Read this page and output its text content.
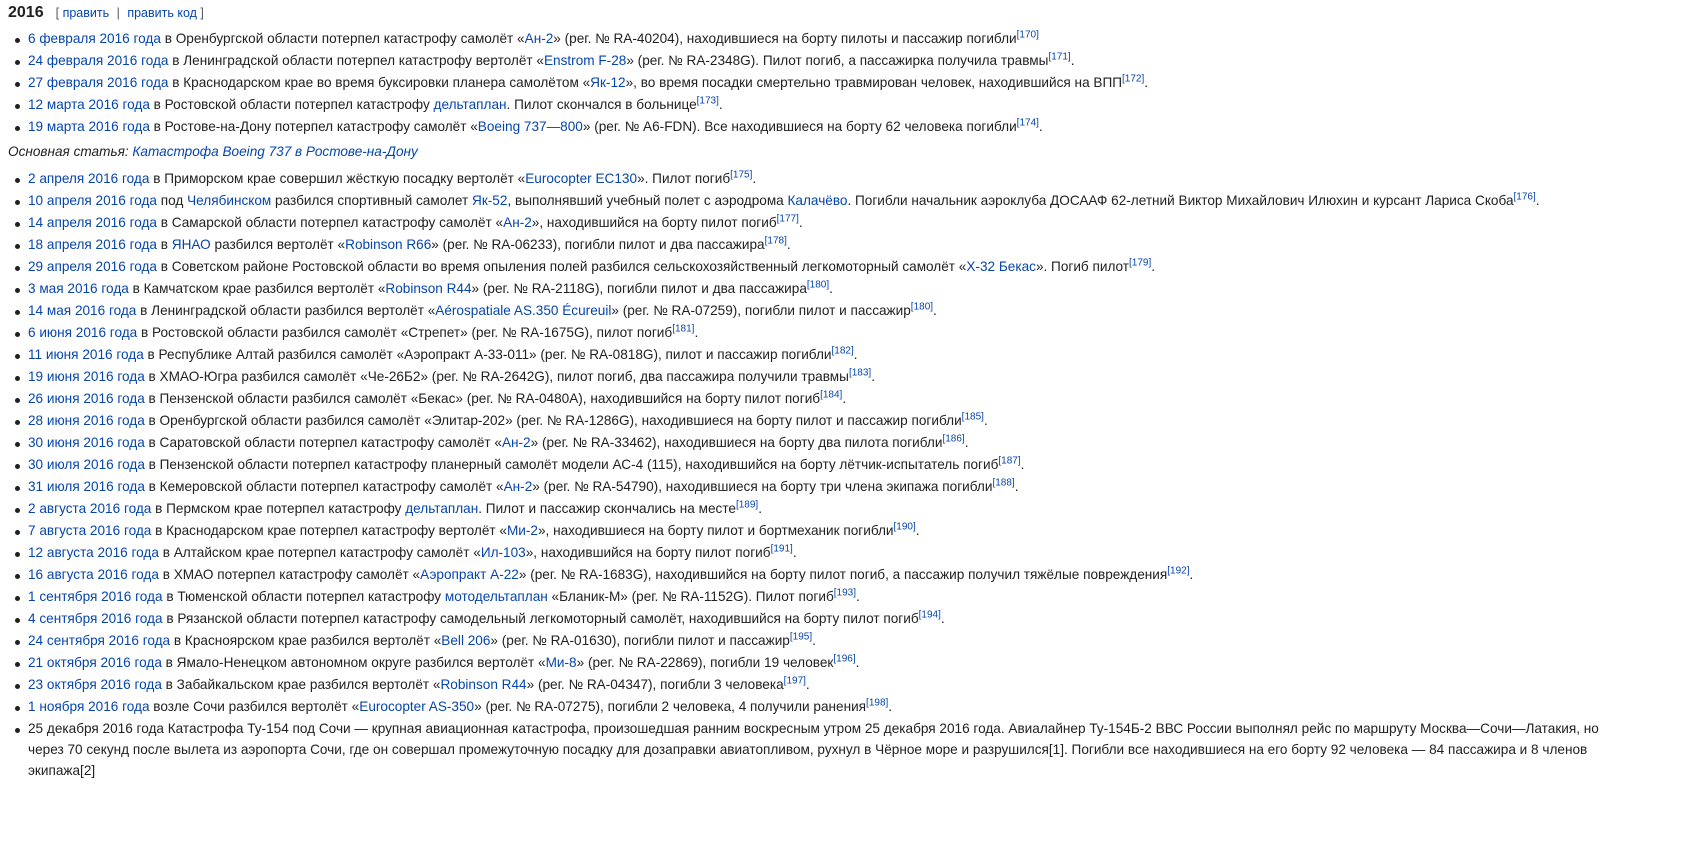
2016 [ править | править код ]
6 февраля 2016 года в Оренбургской области потерпел катастрофу самолёт «Ан-2» (рег. № RA-40204), находившиеся на борту пилоты и пассажир погибли[170]
24 февраля 2016 года в Ленинградской области потерпел катастрофу вертолёт «Enstrom F-28» (рег. № RA-2348G). Пилот погиб, а пассажирка получила травмы[171].
27 февраля 2016 года в Краснодарском крае во время буксировки планера самолётом «Як-12», во время посадки смертельно травмирован человек, находившийся на ВПП[172].
12 марта 2016 года в Ростовской области потерпел катастрофу дельтаплан. Пилот скончался в больнице[173].
19 марта 2016 года в Ростове-на-Дону потерпел катастрофу самолёт «Boeing 737—800» (рег. № A6-FDN). Все находившиеся на борту 62 человека погибли[174].
Основная статья: Катастрофа Boeing 737 в Ростове-на-Дону
2 апреля 2016 года в Приморском крае совершил жёсткую посадку вертолёт «Eurocopter EC130». Пилот погиб[175].
10 апреля 2016 года под Челябинском разбился спортивный самолет Як-52, выполнявший учебный полет с аэродрома Калачёво. Погибли начальник аэроклуба ДОСААФ 62-летний Виктор Михайлович Илюхин и курсант Лариса Скоба[176].
14 апреля 2016 года в Самарской области потерпел катастрофу самолёт «Ан-2», находившийся на борту пилот погиб[177].
18 апреля 2016 года в ЯНАО разбился вертолёт «Robinson R66» (рег. № RA-06233), погибли пилот и два пассажира[178].
29 апреля 2016 года в Советском районе Ростовской области во время опыления полей разбился сельскохозяйственный легкомоторный самолёт «Х-32 Бекас». Погиб пилот[179].
3 мая 2016 года в Камчатском крае разбился вертолёт «Robinson R44» (рег. № RA-2118G), погибли пилот и два пассажира[180].
14 мая 2016 года в Ленинградской области разбился вертолёт «Aérospatiale AS.350 Écureuil» (рег. № RA-07259), погибли пилот и пассажир[180].
6 июня 2016 года в Ростовской области разбился самолёт «Стрепет» (рег. № RA-1675G), пилот погиб[181].
11 июня 2016 года в Республике Алтай разбился самолёт «Аэропракт А-33-011» (рег. № RA-0818G), пилот и пассажир погибли[182].
19 июня 2016 года в ХМАО-Югра разбился самолёт «Че-26Б2» (рег. № RA-2642G), пилот погиб, два пассажира получили травмы[183].
26 июня 2016 года в Пензенской области разбился самолёт «Бекас» (рег. № RA-0480A), находившийся на борту пилот погиб[184].
28 июня 2016 года в Оренбургской области разбился самолёт «Элитар-202» (рег. № RA-1286G), находившиеся на борту пилот и пассажир погибли[185].
30 июня 2016 года в Саратовской области потерпел катастрофу самолёт «Ан-2» (рег. № RA-33462), находившиеся на борту два пилота погибли[186].
30 июля 2016 года в Пензенской области потерпел катастрофу планерный самолёт модели АС-4 (115), находившийся на борту лётчик-испытатель погиб[187].
31 июля 2016 года в Кемеровской области потерпел катастрофу самолёт «Ан-2» (рег. № RA-54790), находившиеся на борту три члена экипажа погибли[188].
2 августа 2016 года в Пермском крае потерпел катастрофу дельтаплан. Пилот и пассажир скончались на месте[189].
7 августа 2016 года в Краснодарском крае потерпел катастрофу вертолёт «Ми-2», находившиеся на борту пилот и бортмеханик погибли[190].
12 августа 2016 года в Алтайском крае потерпел катастрофу самолёт «Ил-103», находившийся на борту пилот погиб[191].
16 августа 2016 года в ХМАО потерпел катастрофу самолёт «Аэропракт А-22» (рег. № RA-1683G), находившийся на борту пилот погиб, а пассажир получил тяжёлые повреждения[192].
1 сентября 2016 года в Тюменской области потерпел катастрофу мотодельтаплан «Бланик-М» (рег. № RA-1152G). Пилот погиб[193].
4 сентября 2016 года в Рязанской области потерпел катастрофу самодельный легкомоторный самолёт, находившийся на борту пилот погиб[194].
24 сентября 2016 года в Красноярском крае разбился вертолёт «Bell 206» (рег. № RA-01630), погибли пилот и пассажир[195].
21 октября 2016 года в Ямало-Ненецком автономном округе разбился вертолёт «Ми-8» (рег. № RA-22869), погибли 19 человек[196].
23 октября 2016 года в Забайкальском крае разбился вертолёт «Robinson R44» (рег. № RA-04347), погибли 3 человека[197].
1 ноября 2016 года возле Сочи разбился вертолёт «Eurocopter AS-350» (рег. № RA-07275), погибли 2 человека, 4 получили ранения[198].
25 декабря 2016 года Катастрофа Ту-154 под Сочи — крупная авиационная катастрофа, произошедшая ранним воскресным утром 25 декабря 2016 года. Авиалайнер Ту-154Б-2 ВВС России выполнял рейс по маршруту Москва—Сочи—Латакия, но через 70 секунд после вылета из аэропорта Сочи, где он совершал промежуточную посадку для дозаправки авиатопливом, рухнул в Чёрное море и разрушился[1]. Погибли все находившиеся на его борту 92 человека — 84 пассажира и 8 членов экипажа[2]
